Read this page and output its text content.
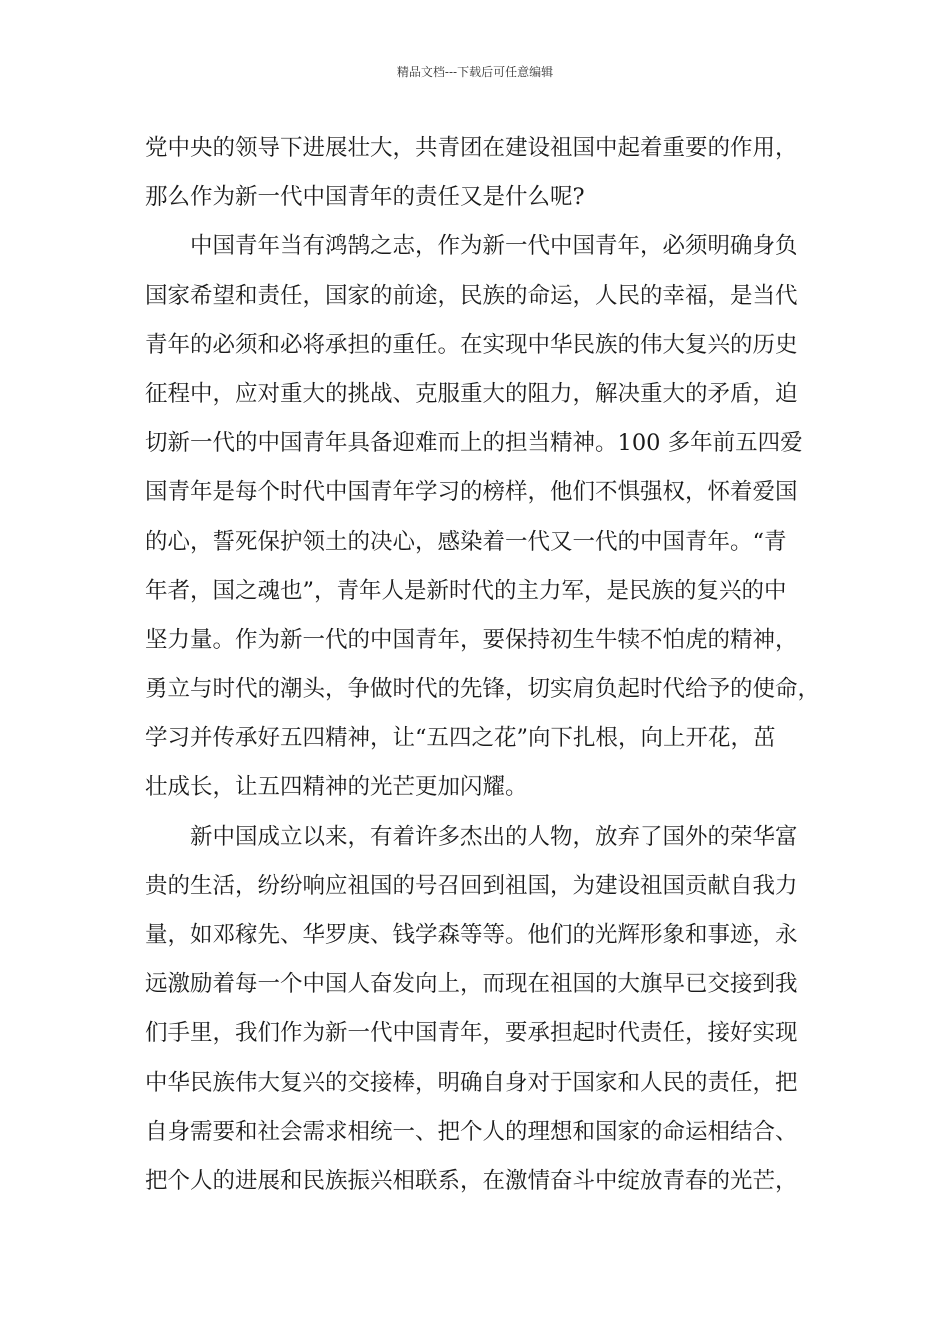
精品文档---下载后可任意编辑
党中央的领导下进展壮大，共青团在建设祖国中起着重要的作用，
那么作为新一代中国青年的责任又是什么呢?
中国青年当有鸿鹄之志，作为新一代中国青年，必须明确身负
国家希望和责任，国家的前途，民族的命运，人民的幸福，是当代
青年的必须和必将承担的重任。在实现中华民族的伟大复兴的历史
征程中，应对重大的挑战、克服重大的阻力，解决重大的矛盾，迫
切新一代的中国青年具备迎难而上的担当精神。100 多年前五四爱
国青年是每个时代中国青年学习的榜样，他们不惧强权，怀着爱国
的心，誓死保护领土的决心，感染着一代又一代的中国青年。“青
年者，国之魂也”，青年人是新时代的主力军，是民族的复兴的中
坚力量。作为新一代的中国青年，要保持初生牛犊不怕虎的精神，
勇立与时代的潮头，争做时代的先锋，切实肩负起时代给予的使命，
学习并传承好五四精神，让“五四之花”向下扎根，向上开花，茁
壮成长，让五四精神的光芒更加闪耀。
新中国成立以来，有着许多杰出的人物，放弃了国外的荣华富
贵的生活，纷纷响应祖国的号召回到祖国，为建设祖国贡献自我力
量，如邓稼先、华罗庚、钱学森等等。他们的光辉形象和事迹，永
远激励着每一个中国人奋发向上，而现在祖国的大旗早已交接到我
们手里，我们作为新一代中国青年，要承担起时代责任，接好实现
中华民族伟大复兴的交接棒，明确自身对于国家和人民的责任，把
自身需要和社会需求相统一、把个人的理想和国家的命运相结合、
把个人的进展和民族振兴相联系，在激情奋斗中绽放青春的光芒，
